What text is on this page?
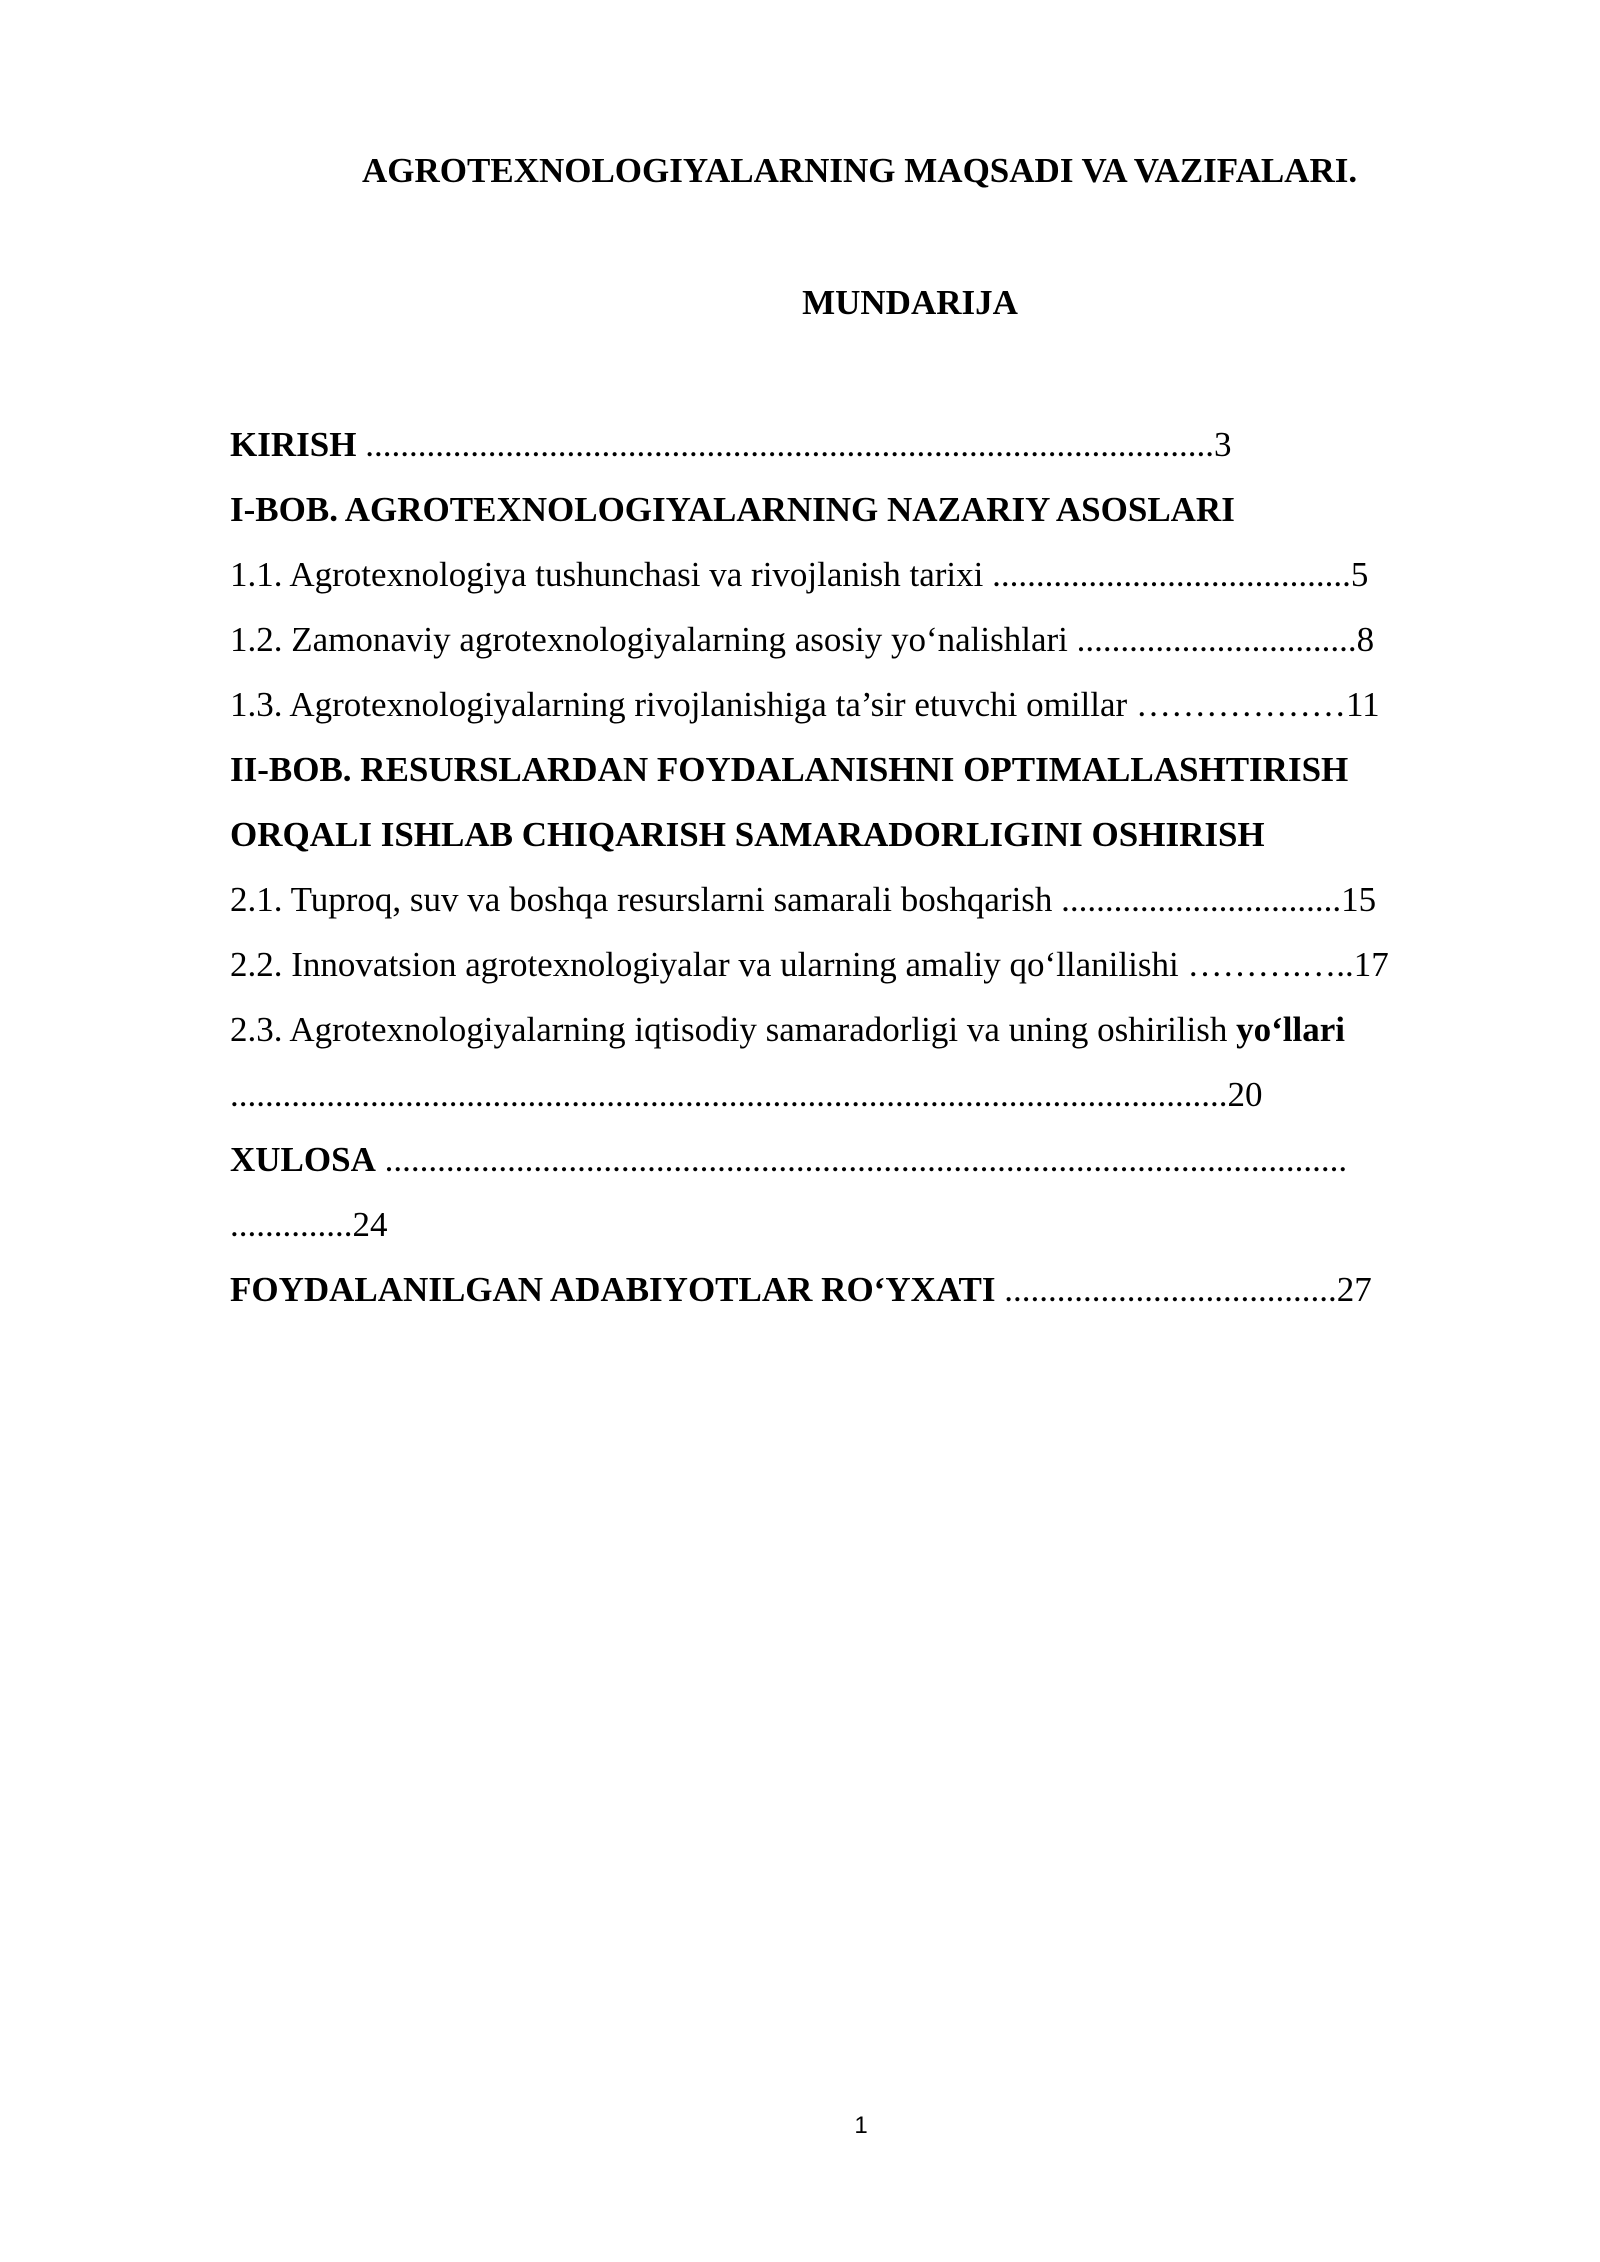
AGROTEXNOLOGIYALARNING MAQSADI VA VAZIFALARI.
MUNDARIJA
KIRISH .................................................................................................3
I-BOB. AGROTEXNOLOGIYALARNING NAZARIY ASOSLARI
1.1. Agrotexnologiya tushunchasi va rivojlanish tarixi .........................................5
1.2. Zamonaviy agrotexnologiyalarning asosiy yo‘nalishlari ................................8
1.3. Agrotexnologiyalarning rivojlanishiga ta’sir etuvchi omillar ………………11
II-BOB. RESURSLARDAN FOYDALANISHNI OPTIMALLASHTIRISH
ORQALI ISHLAB CHIQARISH SAMARADORLIGINI OSHIRISH
2.1. Tuproq, suv va boshqa resurslarni samarali boshqarish ................................15
2.2. Innovatsion agrotexnologiyalar va ularning amaliy qo‘llanilishi ……….…..17
2.3. Agrotexnologiyalarning iqtisodiy samaradorligi va uning oshirilish yo‘llari
..................................................................................................................20
XULOSA ..............................................................................................................
..............24
FOYDALANILGAN ADABIYOTLAR RO‘YXATI ......................................27
1
